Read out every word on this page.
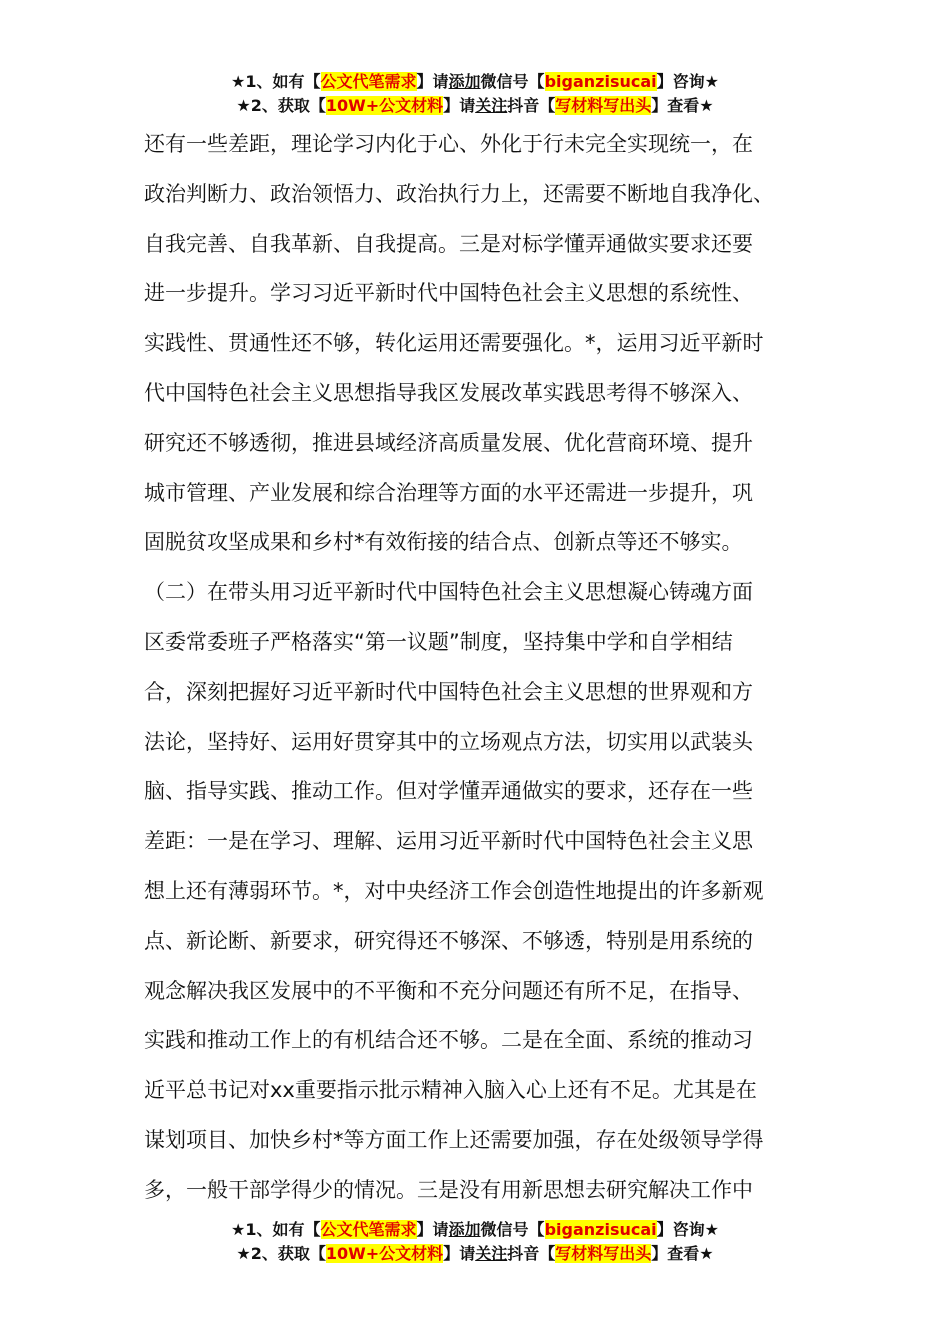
★1、如有【公文代笔需求】请添加微信号【biganzisucai】咨询★
★2、获取【10W+公文材料】请关注抖音【写材料写出头】查看★
还有一些差距，理论学习内化于心、外化于行未完全实现统一，在
政治判断力、政治领悟力、政治执行力上，还需要不断地自我净化、
自我完善、自我革新、自我提高。三是对标学懂弄通做实要求还要
进一步提升。学习习近平新时代中国特色社会主义思想的系统性、
实践性、贯通性还不够，转化运用还需要强化。*，运用习近平新时
代中国特色社会主义思想指导我区发展改革实践思考得不够深入、
研究还不够透彻，推进县域经济高质量发展、优化营商环境、提升
城市管理、产业发展和综合治理等方面的水平还需进一步提升，巩
固脱贫攻坚成果和乡村*有效衔接的结合点、创新点等还不够实。
（二）在带头用习近平新时代中国特色社会主义思想凝心铸魂方面
区委常委班子严格落实“第一议题”制度，坚持集中学和自学相结
合，深刻把握好习近平新时代中国特色社会主义思想的世界观和方
法论，坚持好、运用好贯穿其中的立场观点方法，切实用以武装头
脑、指导实践、推动工作。但对学懂弄通做实的要求，还存在一些
差距：一是在学习、理解、运用习近平新时代中国特色社会主义思
想上还有薄弱环节。*，对中央经济工作会创造性地提出的许多新观
点、新论断、新要求，研究得还不够深、不够透，特别是用系统的
观念解决我区发展中的不平衡和不充分问题还有所不足，在指导、
实践和推动工作上的有机结合还不够。二是在全面、系统的推动习
近平总书记对xx重要指示批示精神入脑入心上还有不足。尤其是在
谋划项目、加快乡村*等方面工作上还需要加强，存在处级领导学得
多，一般干部学得少的情况。三是没有用新思想去研究解决工作中
★1、如有【公文代笔需求】请添加微信号【biganzisucai】咨询★
★2、获取【10W+公文材料】请关注抖音【写材料写出头】查看★
